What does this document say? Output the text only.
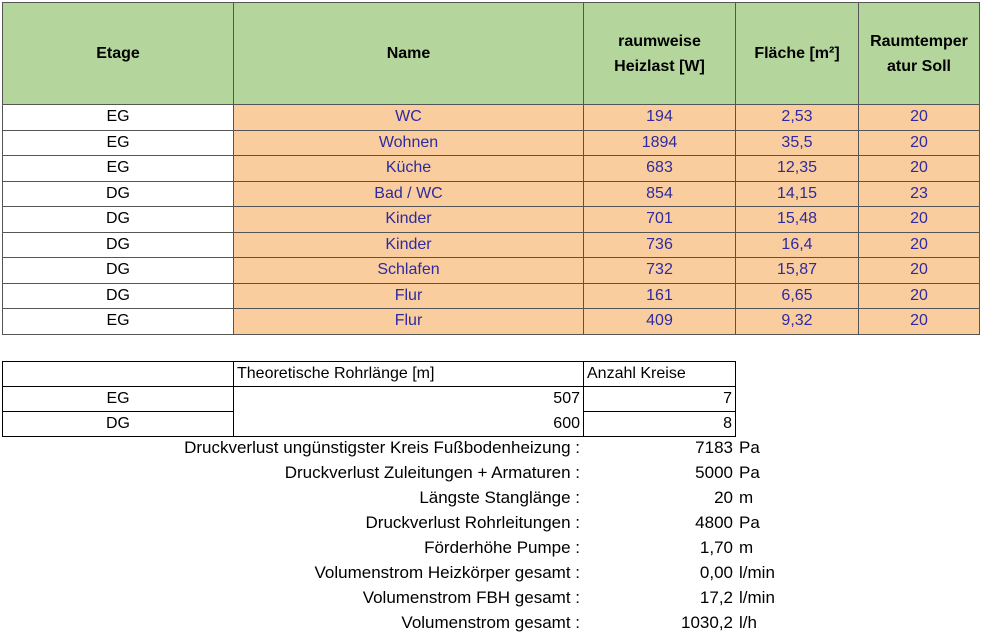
Etage	Name	raumweise Heizlast [W]	Fläche [m²]	Raumtemper atur Soll
EG	WC	194	2,53	20
EG	Wohnen	1894	35,5	20
EG	Küche	683	12,35	20
DG	Bad / WC	854	14,15	23
DG	Kinder	701	15,48	20
DG	Kinder	736	16,4	20
DG	Schlafen	732	15,87	20
DG	Flur	161	6,65	20
EG	Flur	409	9,32	20
	Theoretische Rohrlänge [m]	Anzahl Kreise
EG	507	7
DG	600	8
Druckverlust ungünstigster Kreis Fußbodenheizung :	7183 Pa
Druckverlust Zuleitungen + Armaturen :	5000 Pa
Längste Stanglänge :	20 m
Druckverlust Rohrleitungen :	4800 Pa
Förderhöhe Pumpe :	1,70 m
Volumenstrom Heizkörper gesamt :	0,00 l/min
Volumenstrom FBH gesamt :	17,2 l/min
Volumenstrom gesamt :	1030,2 l/h
